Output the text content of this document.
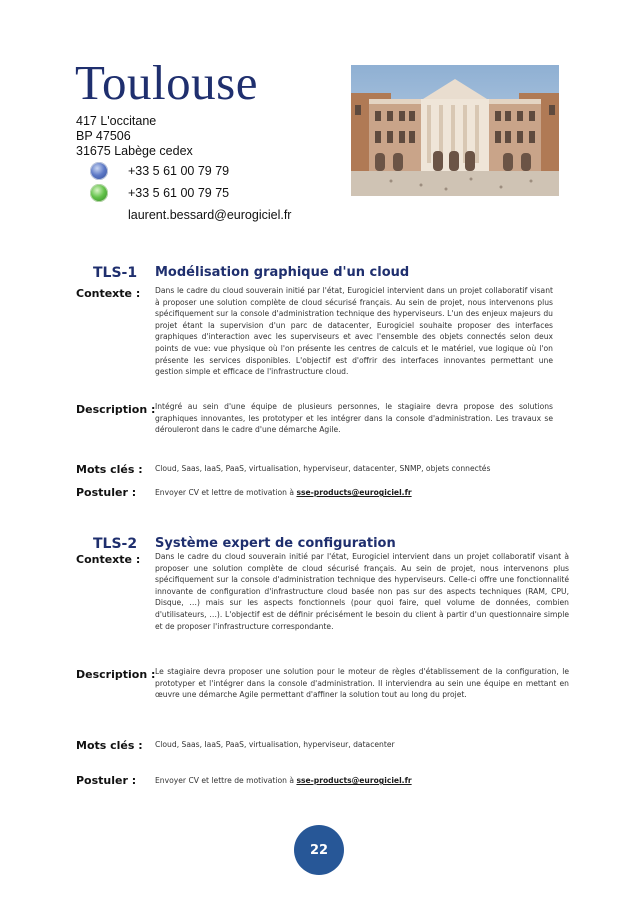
Toulouse
417 L'occitane
BP 47506
31675 Labège cedex
+33 5 61 00 79 79
+33 5 61 00 79 75
laurent.bessard@eurogiciel.fr
TLS-1 Modélisation graphique d'un cloud
Contexte : Dans le cadre du cloud souverain initié par l'état, Eurogiciel intervient dans un projet collaboratif visant à proposer une solution complète de cloud sécurisé français. Au sein de projet, nous intervenons plus spécifiquement sur la console d'administration technique des hyperviseurs. L'un des enjeux majeurs du projet étant la supervision d'un parc de datacenter, Eurogiciel souhaite proposer des interfaces graphiques d'interaction avec les superviseurs et avec l'ensemble des objets connectés selon deux points de vue: vue physique où l'on présente les centres de calculs et le matériel, vue logique où l'on présente les services disponibles. L'objectif est d'offrir des interfaces innovantes permettant une gestion simple et efficace de l'infrastructure cloud.
Description : Intégré au sein d'une équipe de plusieurs personnes, le stagiaire devra propose des solutions graphiques innovantes, les prototyper et les intégrer dans la console d'administration. Les travaux se dérouleront dans le cadre d'une démarche Agile.
Mots clés : Cloud, Saas, IaaS, PaaS, virtualisation, hyperviseur, datacenter, SNMP, objets connectés
Postuler : Envoyer CV et lettre de motivation à sse-products@eurogiciel.fr
TLS-2 Système expert de configuration
Contexte : Dans le cadre du cloud souverain initié par l'état, Eurogiciel intervient dans un projet collaboratif visant à proposer une solution complète de cloud sécurisé français. Au sein de projet, nous intervenons plus spécifiquement sur la console d'administration technique des hyperviseurs. Celle-ci offre une fonctionnalité innovante de configuration d'infrastructure cloud basée non pas sur des aspects techniques (RAM, CPU, Disque, …) mais sur les aspects fonctionnels (pour quoi faire, quel volume de données, combien d'utilisateurs, …). L'objectif est de définir précisément le besoin du client à partir d'un questionnaire simple et de proposer l'infrastructure correspondante.
Description : Le stagiaire devra proposer une solution pour le moteur de règles d'établissement de la configuration, le prototyper et l'intégrer dans la console d'administration. Il interviendra au sein une équipe en mettant en œuvre une démarche Agile permettant d'affiner la solution tout au long du projet.
Mots clés : Cloud, Saas, IaaS, PaaS, virtualisation, hyperviseur, datacenter
Postuler : Envoyer CV et lettre de motivation à sse-products@eurogiciel.fr
22
